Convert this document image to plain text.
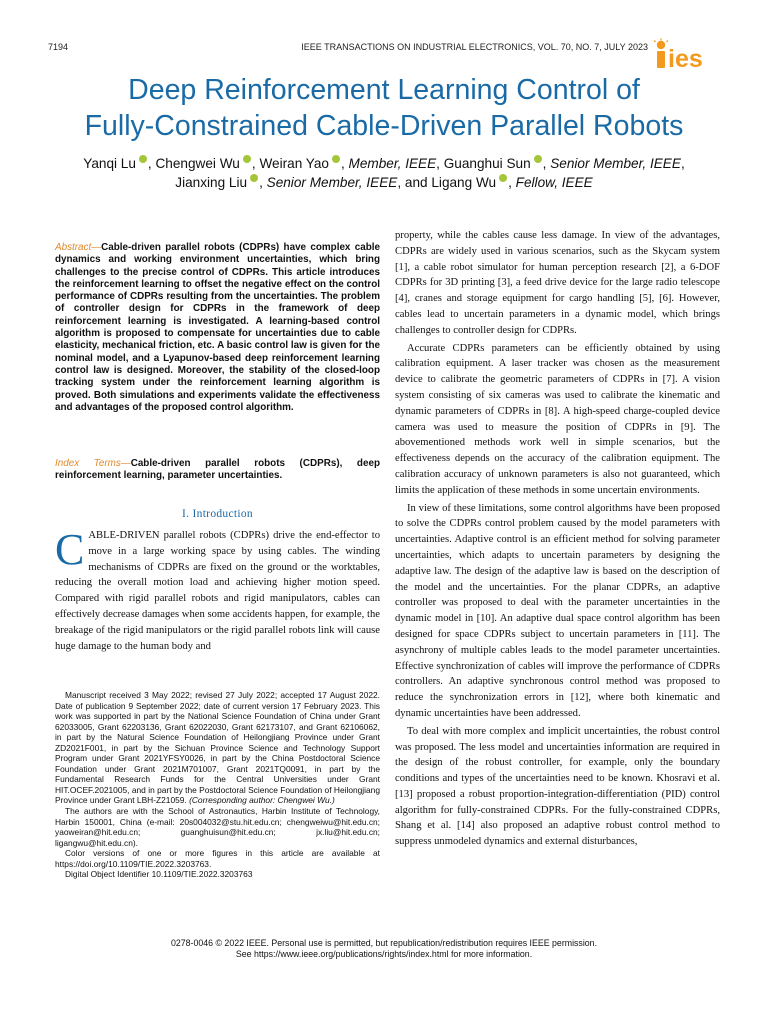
7194	IEEE TRANSACTIONS ON INDUSTRIAL ELECTRONICS, VOL. 70, NO. 7, JULY 2023 ies
Deep Reinforcement Learning Control of
Fully-Constrained Cable-Driven Parallel Robots
Yanqi Lu , Chengwei Wu , Weiran Yao , Member, IEEE, Guanghui Sun , Senior Member, IEEE,
Jianxing Liu , Senior Member, IEEE, and Ligang Wu , Fellow, IEEE

Abstract—Cable-driven parallel robots (CDPRs) have complex cable dynamics and working environment uncertainties, which bring challenges to the precise control of CDPRs. This article introduces the reinforcement learning to offset the negative effect on the control performance of CDPRs resulting from the uncertainties. The problem of controller design for CDPRs in the framework of deep reinforcement learning is investigated. A learning-based control algorithm is proposed to compensate for uncertainties due to cable elasticity, mechanical friction, etc. A basic control law is given for the nominal model, and a Lyapunov-based deep reinforcement learning control law is designed. Moreover, the stability of the closed-loop tracking system under the reinforcement learning algorithm is proved. Both simulations and experiments validate the effectiveness and advantages of the proposed control algorithm.

Index Terms—Cable-driven parallel robots (CDPRs), deep reinforcement learning, parameter uncertainties.

I. Introduction

CABLE-DRIVEN parallel robots (CDPRs) drive the end-effector to move in a large working space by using cables. The winding mechanisms of CDPRs are fixed on the ground or the worktables, reducing the overall motion load and achieving higher motion speed. Compared with rigid parallel robots and rigid manipulators, cables can effectively decrease damages when some accidents happen, for example, the breakage of the rigid manipulators or the rigid parallel robots link will cause huge damage to the human body and

Manuscript received 3 May 2022; revised 27 July 2022; accepted 17 August 2022. Date of publication 9 September 2022; date of current version 17 February 2023. This work was supported in part by the National Science Foundation of China under Grant 62033005, Grant 62203136, Grant 62022030, Grant 62173107, and Grant 62106062, in part by the Natural Science Foundation of Heilongjiang Province under Grant ZD2021F001, in part by the Sichuan Province Science and Technology Support Program under Grant 2021YFSY0026, in part by the China Postdoctoral Science Foundation under Grant 2021M701007, Grant 2021TQ0091, in part by the Fundamental Research Funds for the Central Universities under Grant HIT.OCEF.2021005, and in part by the Postdoctoral Science Foundation of Heilongjiang Province under Grant LBH-Z21059. (Corresponding author: Chengwei Wu.)

The authors are with the School of Astronautics, Harbin Institute of Technology, Harbin 150001, China (e-mail: 20s004032@stu.hit.edu.cn; chengweiwu@hit.edu.cn; yaoweiran@hit.edu.cn; guanghuisun@hit.edu.cn; jx.liu@hit.edu.cn; ligangwu@hit.edu.cn).

Color versions of one or more figures in this article are available at https://doi.org/10.1109/TIE.2022.3203763.

Digital Object Identifier 10.1109/TIE.2022.3203763

property, while the cables cause less damage. In view of the advantages, CDPRs are widely used in various scenarios, such as the Skycam system [1], a cable robot simulator for human perception research [2], a 6-DOF CDPRs for 3D printing [3], a feed drive device for the large radio telescope [4], cranes and storage equipment for cargo handling [5], [6]. However, cables lead to uncertain parameters in a dynamic model, which brings challenges to controller design for CDPRs.

Accurate CDPRs parameters can be efficiently obtained by using calibration equipment. A laser tracker was chosen as the measurement device to calibrate the geometric parameters of CDPRs in [7]. A vision system consisting of six cameras was used to calibrate the kinematic and dynamic parameters of CDPRs in [8]. A high-speed charge-coupled device camera was used to measure the position of CDPRs in [9]. The abovementioned methods work well in simple scenarios, but the effectiveness depends on the accuracy of the calibration equipment. The calibration accuracy of unknown parameters is also not guaranteed, which limits the application of these methods in some uncertain environments.

In view of these limitations, some control algorithms have been proposed to solve the CDPRs control problem caused by the model parameters with uncertainties. Adaptive control is an efficient method for solving parameter uncertainties, which adapts to uncertain parameters by designing the adaptive law. The design of the adaptive law is based on the description of the model and the uncertainties. For the planar CDPRs, an adaptive controller was proposed to deal with the parameter uncertainties in the dynamic model in [10]. An adaptive dual space control algorithm has been designed for space CDPRs subject to uncertain parameters in [11]. The asynchrony of multiple cables leads to the model parameter uncertainties. Effective synchronization of cables will improve the performance of CDPRs controllers. An adaptive synchronous control method was proposed to reduce the synchronization errors in [12], where both kinematic and dynamic uncertainties have been addressed.

To deal with more complex and implicit uncertainties, the robust control was proposed. The less model and uncertainties information are required in the design of the robust controller, for example, only the boundary conditions and types of the uncertainties need to be known. Khosravi et al. [13] proposed a robust proportion-integration-differentiation (PID) control algorithm for fully-constrained CDPRs. For the fully-constrained CDPRs, Shang et al. [14] also proposed an adaptive robust control method to suppress unmodeled dynamics and external disturbances,

0278-0046 © 2022 IEEE. Personal use is permitted, but republication/redistribution requires IEEE permission.
See https://www.ieee.org/publications/rights/index.html for more information.
